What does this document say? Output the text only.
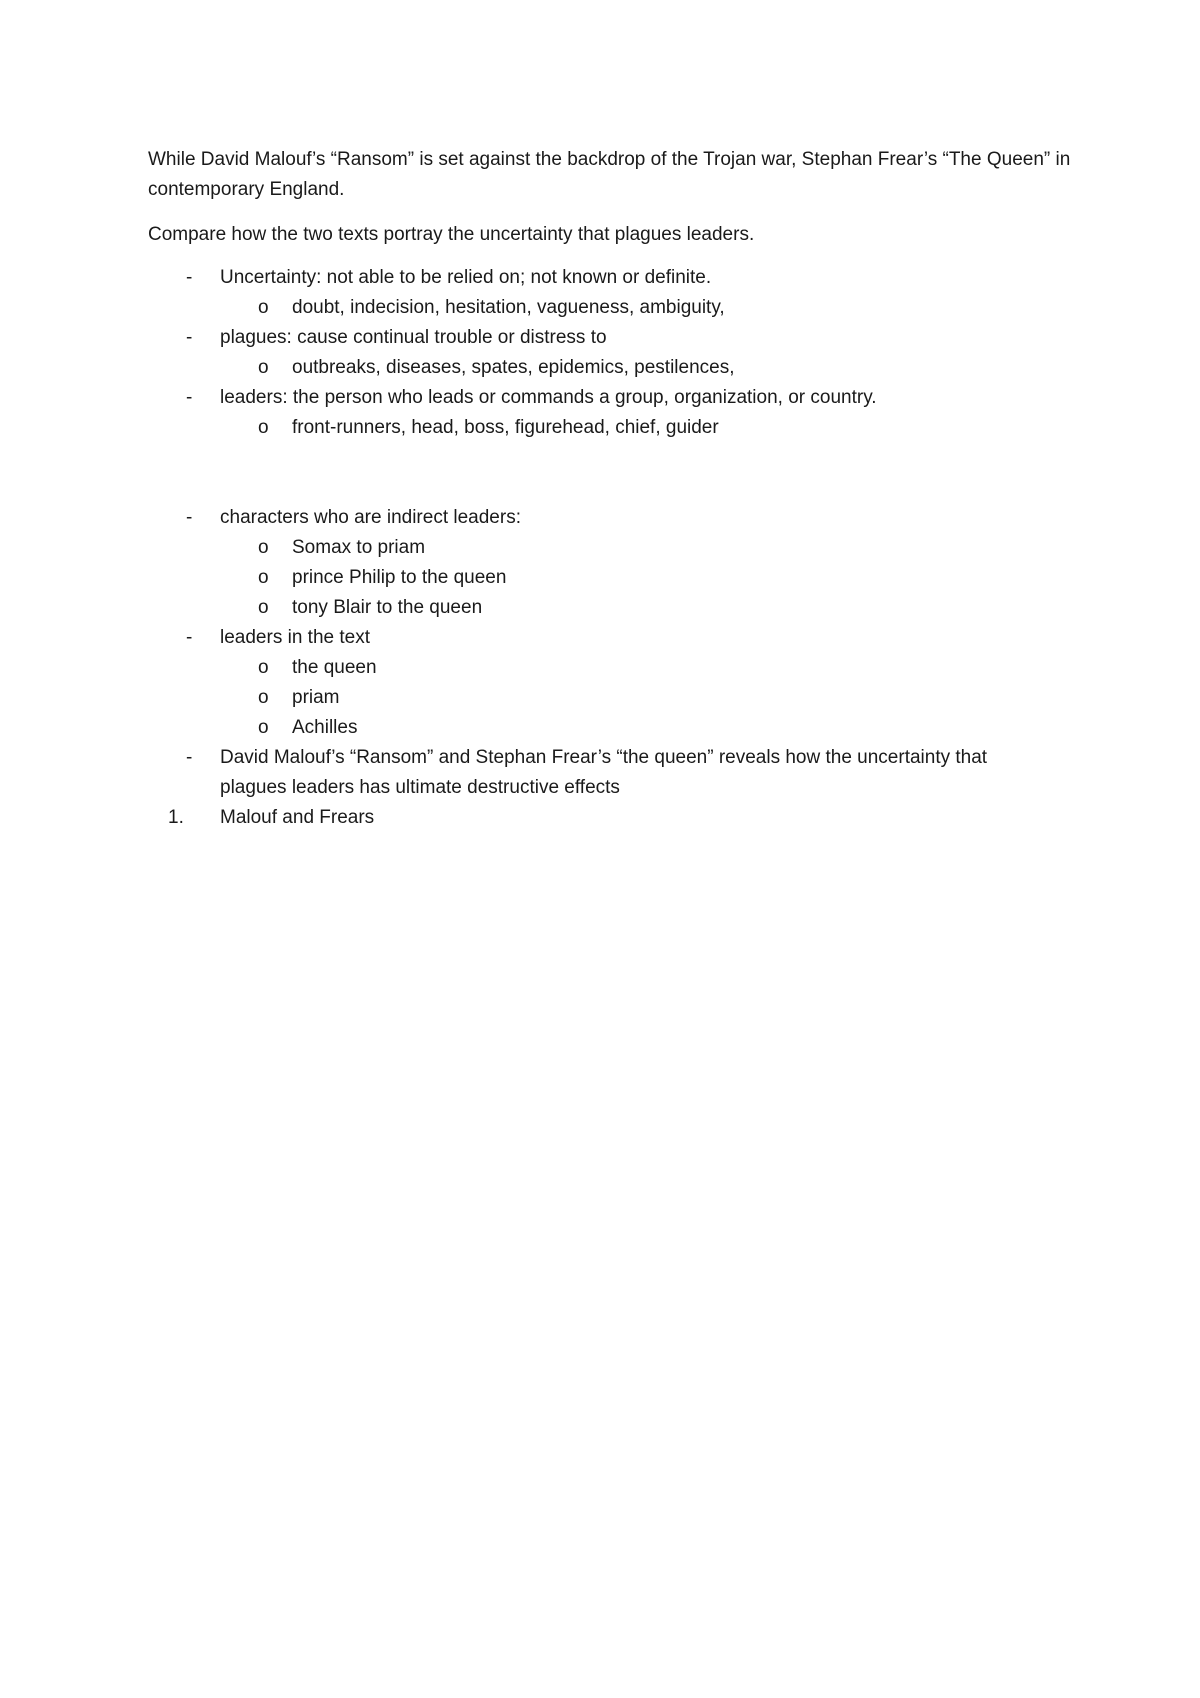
While David Malouf’s “Ransom” is set against the backdrop of the Trojan war, Stephan Frear’s “The Queen” in contemporary England.

Compare how the two texts portray the uncertainty that plagues leaders.

- Uncertainty: not able to be relied on; not known or definite.
o doubt, indecision, hesitation, vagueness, ambiguity,
- plagues: cause continual trouble or distress to
o outbreaks, diseases, spates, epidemics, pestilences,
- leaders: the person who leads or commands a group, organization, or country.
o front-runners, head, boss, figurehead, chief, guider
- characters who are indirect leaders:
o Somax to priam
o prince Philip to the queen
o tony Blair to the queen
- leaders in the text
o the queen
o priam
o Achilles
- David Malouf’s “Ransom” and Stephan Frear’s “the queen” reveals how the uncertainty that
plagues leaders has ultimate destructive effects
1. Malouf and Frears
